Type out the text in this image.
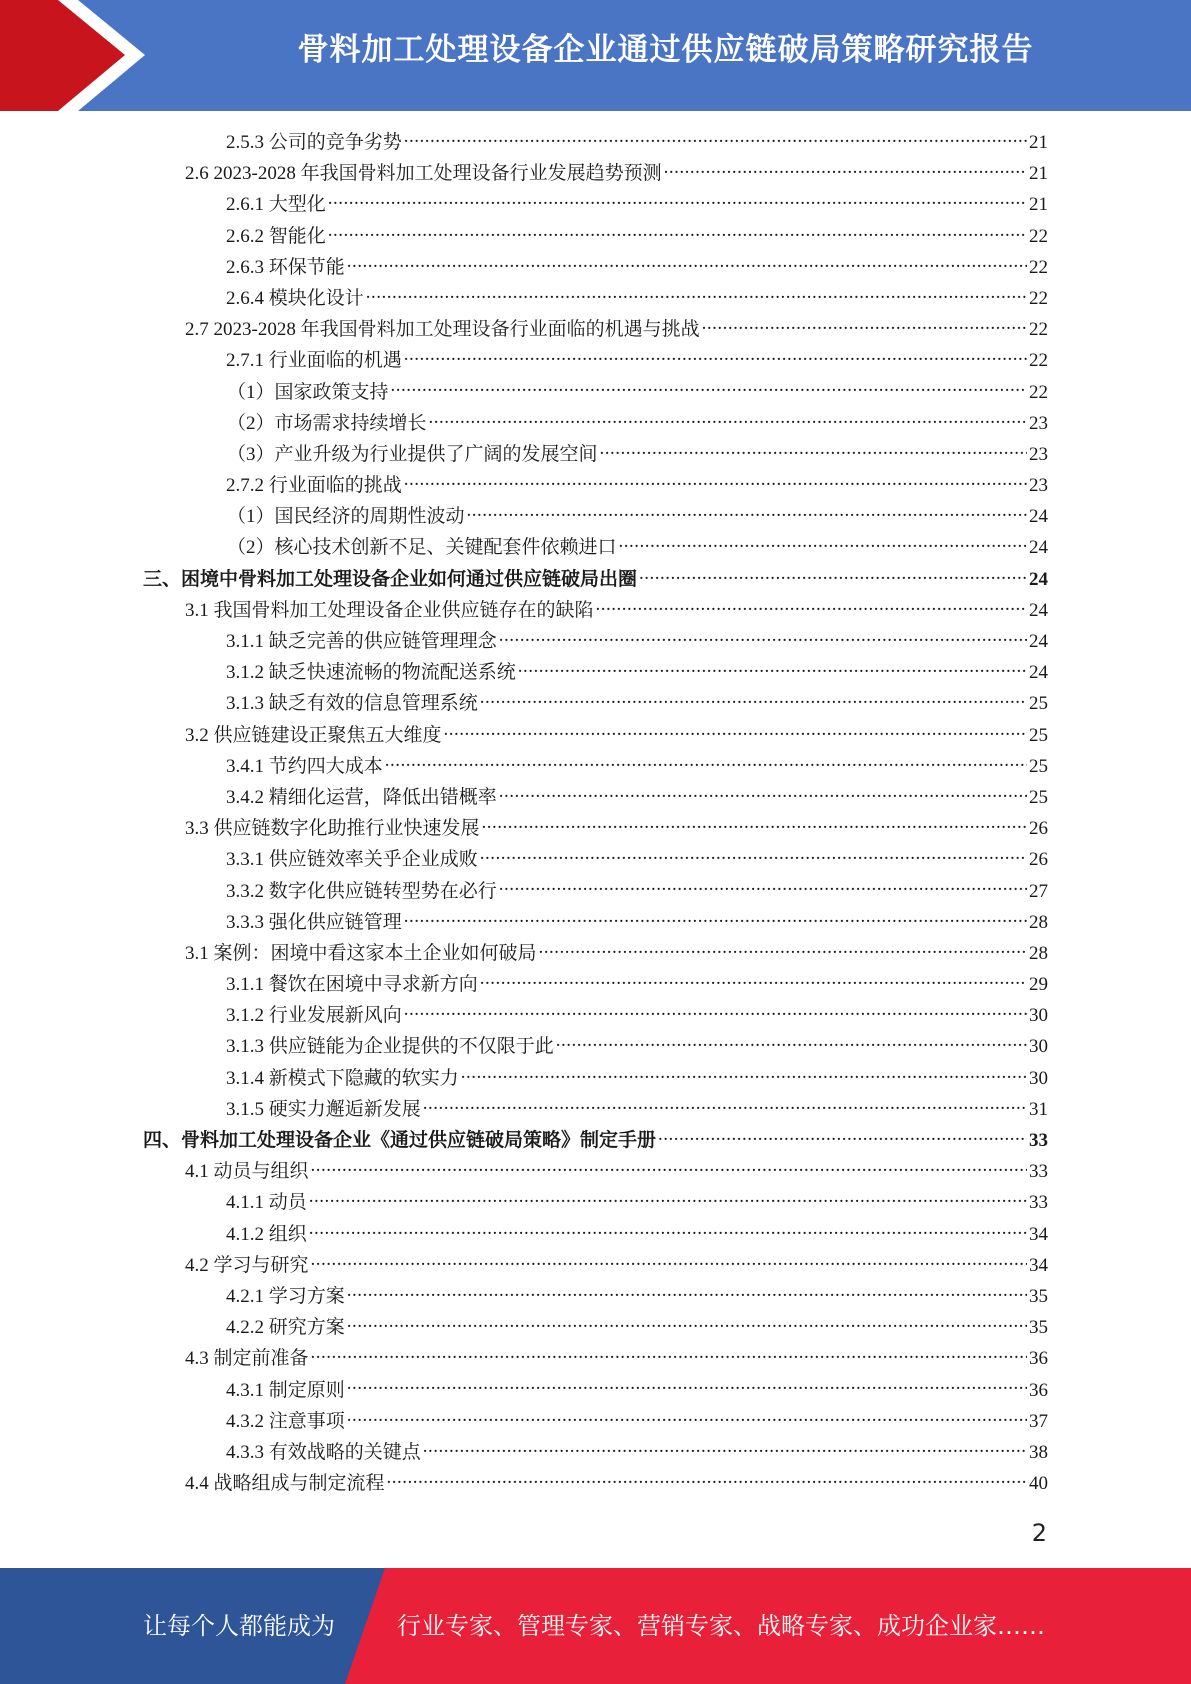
骨料加工处理设备企业通过供应链破局策略研究报告
2.5.3 公司的竞争劣势 .....	21
2.6 2023-2028 年我国骨料加工处理设备行业发展趋势预测 .....	21
2.6.1 大型化 .....	21
2.6.2 智能化 .....	22
2.6.3 环保节能 .....	22
2.6.4 模块化设计 .....	22
2.7 2023-2028 年我国骨料加工处理设备行业面临的机遇与挑战 .....	22
2.7.1 行业面临的机遇 .....	22
（1）国家政策支持 .....	22
（2）市场需求持续增长 .....	23
（3）产业升级为行业提供了广阔的发展空间 .....	23
2.7.2 行业面临的挑战 .....	23
（1）国民经济的周期性波动 .....	24
（2）核心技术创新不足、关键配套件依赖进口 .....	24
三、困境中骨料加工处理设备企业如何通过供应链破局出圈 .....	24
3.1 我国骨料加工处理设备企业供应链存在的缺陷 .....	24
3.1.1 缺乏完善的供应链管理理念 .....	24
3.1.2 缺乏快速流畅的物流配送系统 .....	24
3.1.3 缺乏有效的信息管理系统 .....	25
3.2 供应链建设正聚焦五大维度 .....	25
3.4.1 节约四大成本 .....	25
3.4.2 精细化运营，降低出错概率 .....	25
3.3 供应链数字化助推行业快速发展 .....	26
3.3.1 供应链效率关乎企业成败 .....	26
3.3.2 数字化供应链转型势在必行 .....	27
3.3.3 强化供应链管理 .....	28
3.1 案例：困境中看这家本土企业如何破局 .....	28
3.1.1 餐饮在困境中寻求新方向 .....	29
3.1.2 行业发展新风向 .....	30
3.1.3 供应链能为企业提供的不仅限于此 .....	30
3.1.4 新模式下隐藏的软实力 .....	30
3.1.5 硬实力邂逅新发展 .....	31
四、骨料加工处理设备企业《通过供应链破局策略》制定手册 .....	33
4.1 动员与组织 .....	33
4.1.1 动员 .....	33
4.1.2 组织 .....	34
4.2 学习与研究 .....	34
4.2.1 学习方案 .....	35
4.2.2 研究方案 .....	35
4.3 制定前准备 .....	36
4.3.1 制定原则 .....	36
4.3.2 注意事项 .....	37
4.3.3 有效战略的关键点 .....	38
4.4 战略组成与制定流程 .....	40
2
让每个人都能成为	行业专家、管理专家、营销专家、战略专家、成功企业家……
